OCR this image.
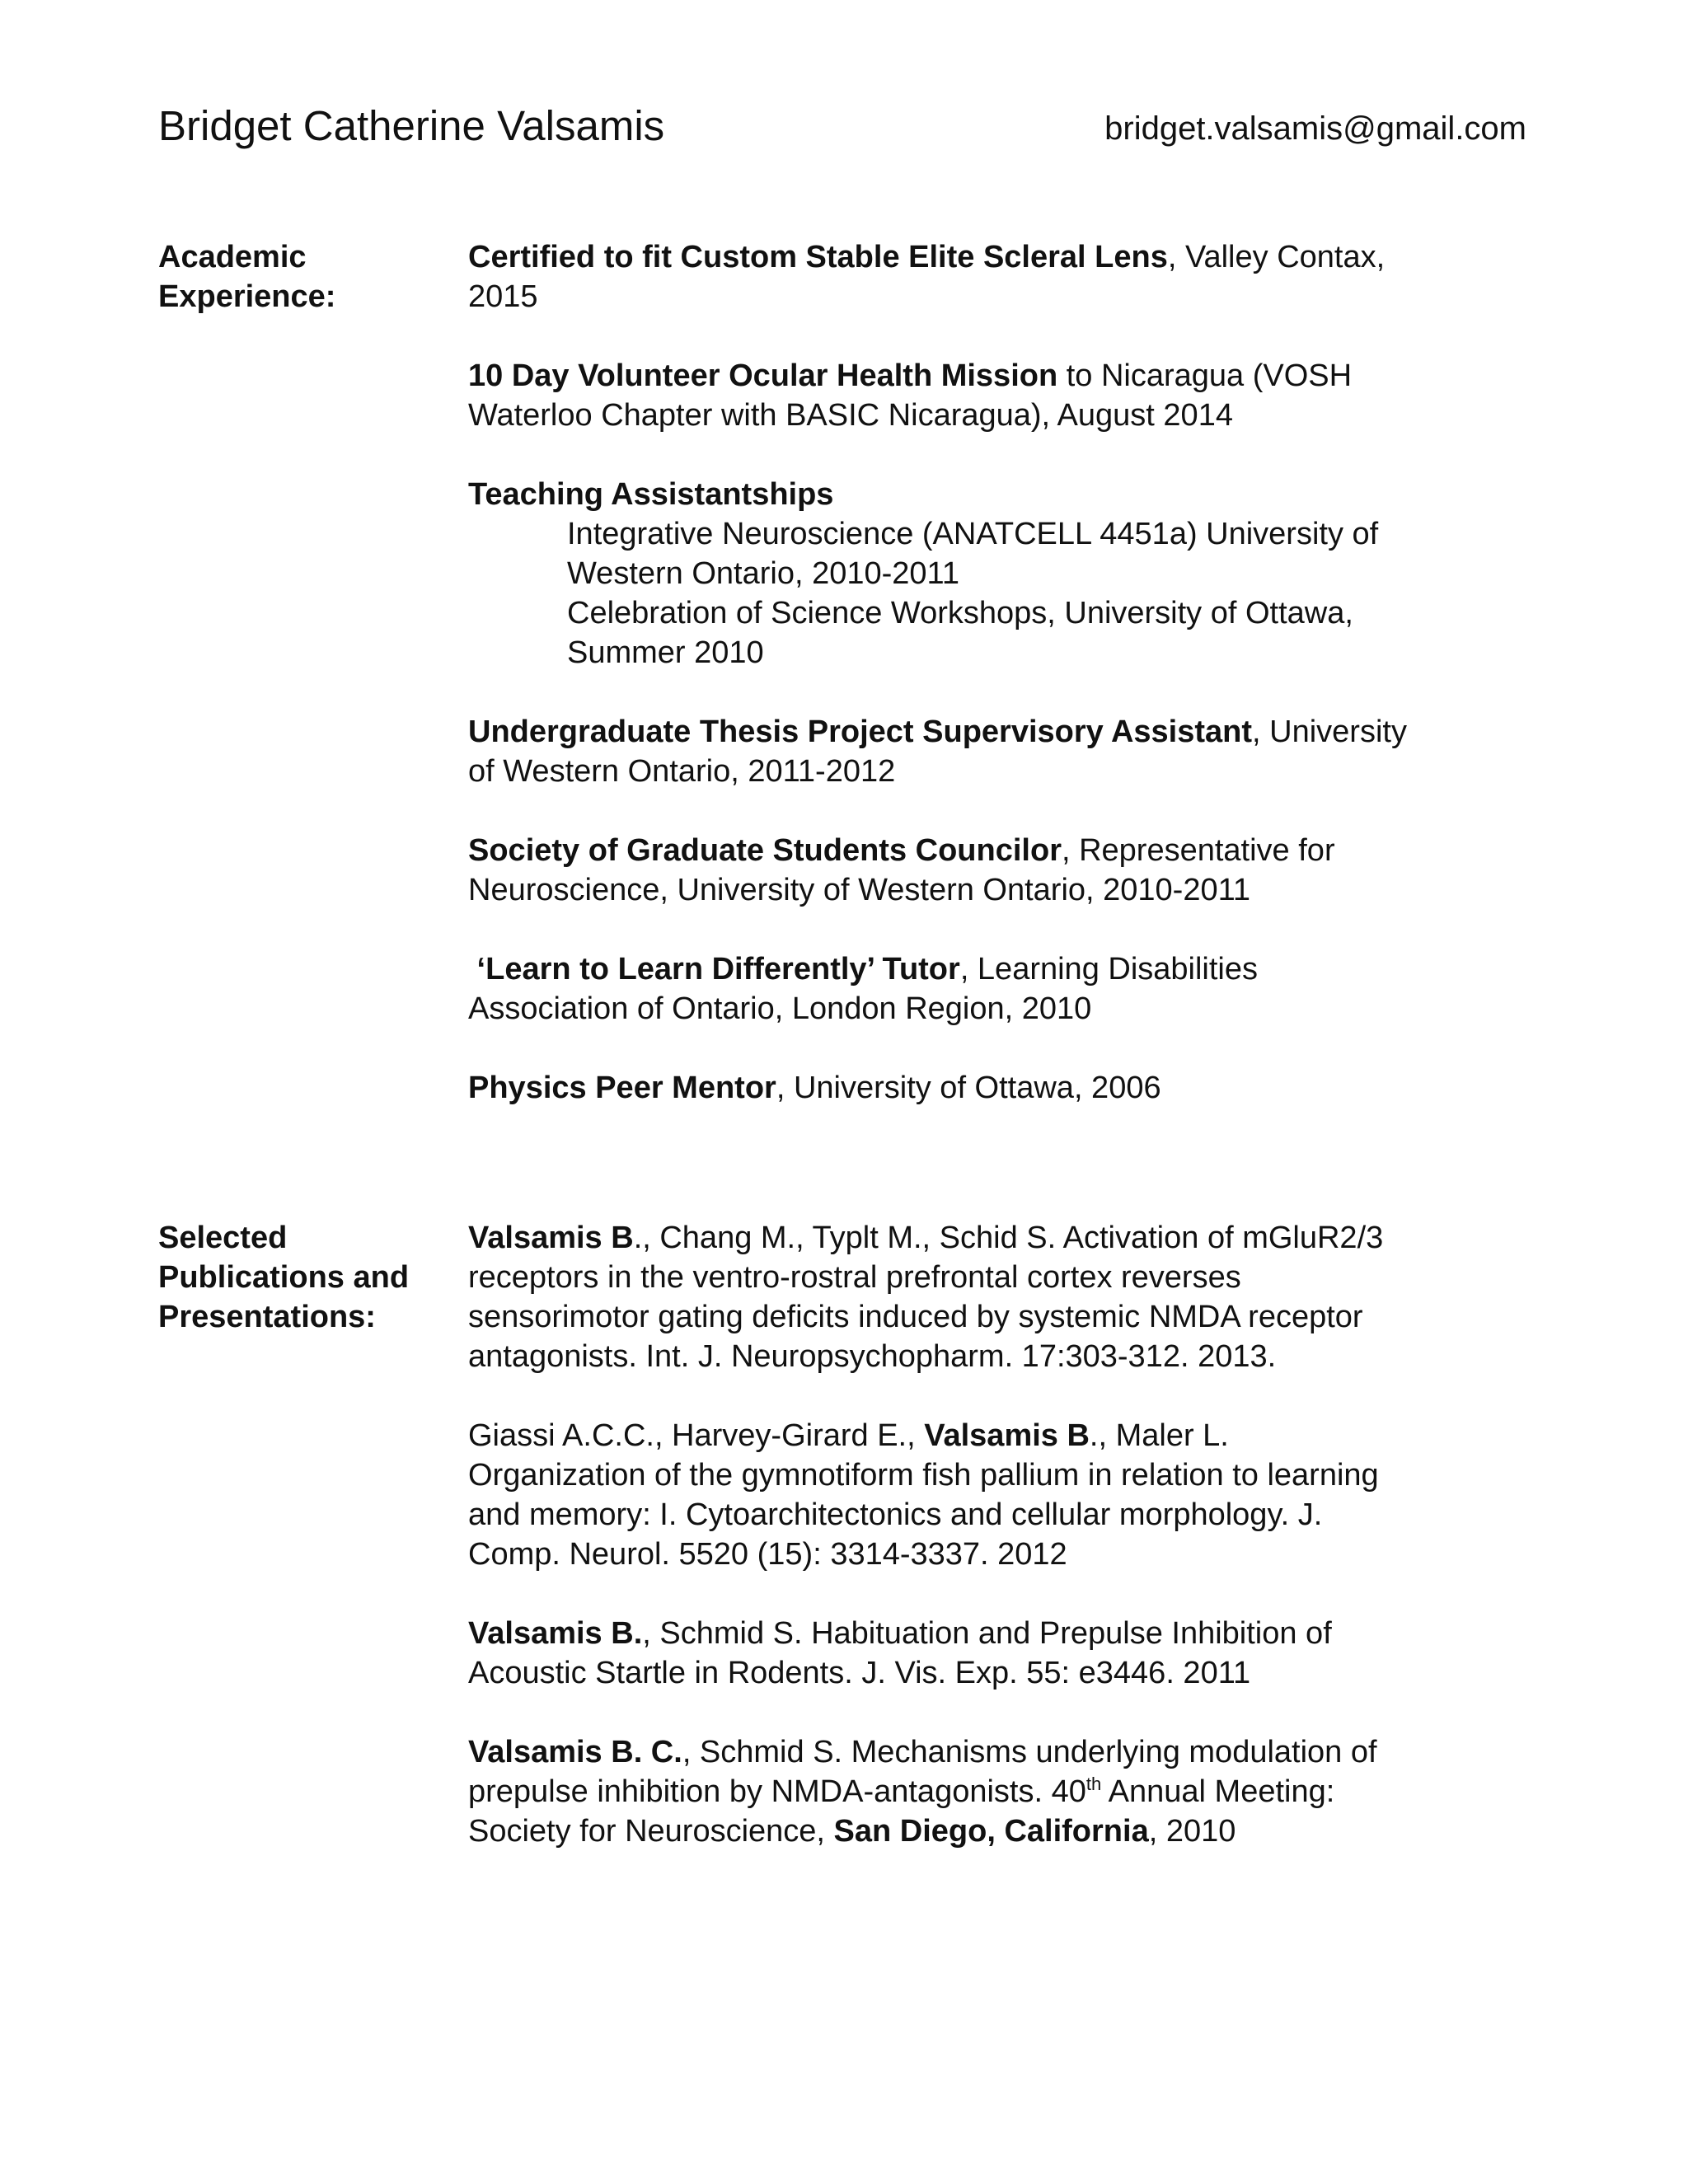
Bridget Catherine Valsamis	bridget.valsamis@gmail.com
Academic
Experience:
Certified to fit Custom Stable Elite Scleral Lens, Valley Contax,
2015
10 Day Volunteer Ocular Health Mission to Nicaragua (VOSH
Waterloo Chapter with BASIC Nicaragua), August 2014
Teaching Assistantships
Integrative Neuroscience (ANATCELL 4451a) University of
Western Ontario, 2010-2011
Celebration of Science Workshops, University of Ottawa,
Summer 2010
Undergraduate Thesis Project Supervisory Assistant, University
of Western Ontario, 2011-2012
Society of Graduate Students Councilor, Representative for
Neuroscience, University of Western Ontario, 2010-2011
‘Learn to Learn Differently’ Tutor, Learning Disabilities
Association of Ontario, London Region, 2010
Physics Peer Mentor, University of Ottawa, 2006
Selected
Publications and
Presentations:
Valsamis B., Chang M., Typlt M., Schid S. Activation of mGluR2/3
receptors in the ventro-rostral prefrontal cortex reverses
sensorimotor gating deficits induced by systemic NMDA receptor
antagonists. Int. J. Neuropsychopharm. 17:303-312. 2013.
Giassi A.C.C., Harvey-Girard E., Valsamis B., Maler L.
Organization of the gymnotiform fish pallium in relation to learning
and memory: I. Cytoarchitectonics and cellular morphology. J.
Comp. Neurol. 5520 (15): 3314-3337. 2012
Valsamis B., Schmid S. Habituation and Prepulse Inhibition of
Acoustic Startle in Rodents. J. Vis. Exp. 55: e3446. 2011
Valsamis B. C., Schmid S. Mechanisms underlying modulation of
prepulse inhibition by NMDA-antagonists. 40th Annual Meeting:
Society for Neuroscience, San Diego, California, 2010
